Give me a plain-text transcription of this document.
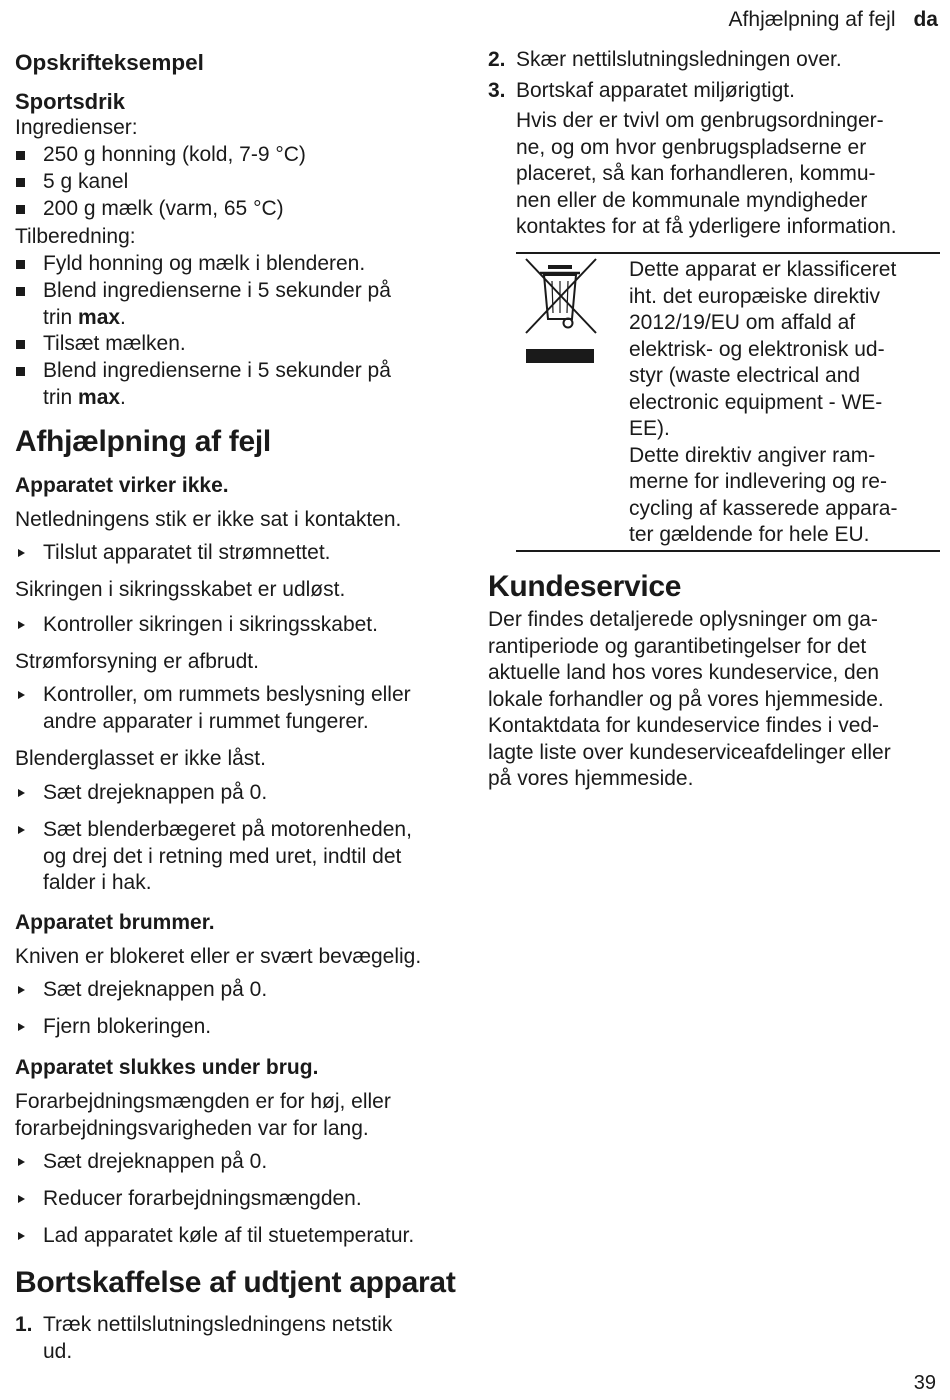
Afhjælpning af fejl da
Opskrifteksempel
Sportsdrik
Ingredienser:
250 g honning (kold, 7-9 °C)
5 g kanel
200 g mælk (varm, 65 °C)
Tilberedning:
Fyld honning og mælk i blenderen.
Blend ingredienserne i 5 sekunder på
trin max.
Tilsæt mælken.
Blend ingredienserne i 5 sekunder på
trin max.
Afhjælpning af fejl
Apparatet virker ikke.
Netledningens stik er ikke sat i kontakten.
Tilslut apparatet til strømnettet.
Sikringen i sikringsskabet er udløst.
Kontroller sikringen i sikringsskabet.
Strømforsyning er afbrudt.
Kontroller, om rummets beslysning eller
andre apparater i rummet fungerer.
Blenderglasset er ikke låst.
Sæt drejeknappen på 0.
Sæt blenderbægeret på motorenheden,
og drej det i retning med uret, indtil det
falder i hak.
Apparatet brummer.
Kniven er blokeret eller er svært bevægelig.
Sæt drejeknappen på 0.
Fjern blokeringen.
Apparatet slukkes under brug.
Forarbejdningsmængden er for høj, eller
forarbejdningsvarigheden var for lang.
Sæt drejeknappen på 0.
Reducer forarbejdningsmængden.
Lad apparatet køle af til stuetemperatur.
Bortskaffelse af udtjent apparat
1. Træk nettilslutningsledningens netstik
ud.
2. Skær nettilslutningsledningen over.
3. Bortskaf apparatet miljørigtigt.
Hvis der er tvivl om genbrugsordninger-
ne, og om hvor genbrugspladserne er
placeret, så kan forhandleren, kommu-
nen eller de kommunale myndigheder
kontaktes for at få yderligere information.
Dette apparat er klassificeret
iht. det europæiske direktiv
2012/19/EU om affald af
elektrisk- og elektronisk ud-
styr (waste electrical and
electronic equipment - WE-
EE).
Dette direktiv angiver ram-
merne for indlevering og re-
cycling af kasserede appara-
ter gældende for hele EU.
Kundeservice
Der findes detaljerede oplysninger om ga-
rantiperiode og garantibetingelser for det
aktuelle land hos vores kundeservice, den
lokale forhandler og på vores hjemmeside.
Kontaktdata for kundeservice findes i ved-
lagte liste over kundeserviceafdelinger eller
på vores hjemmeside.
39
